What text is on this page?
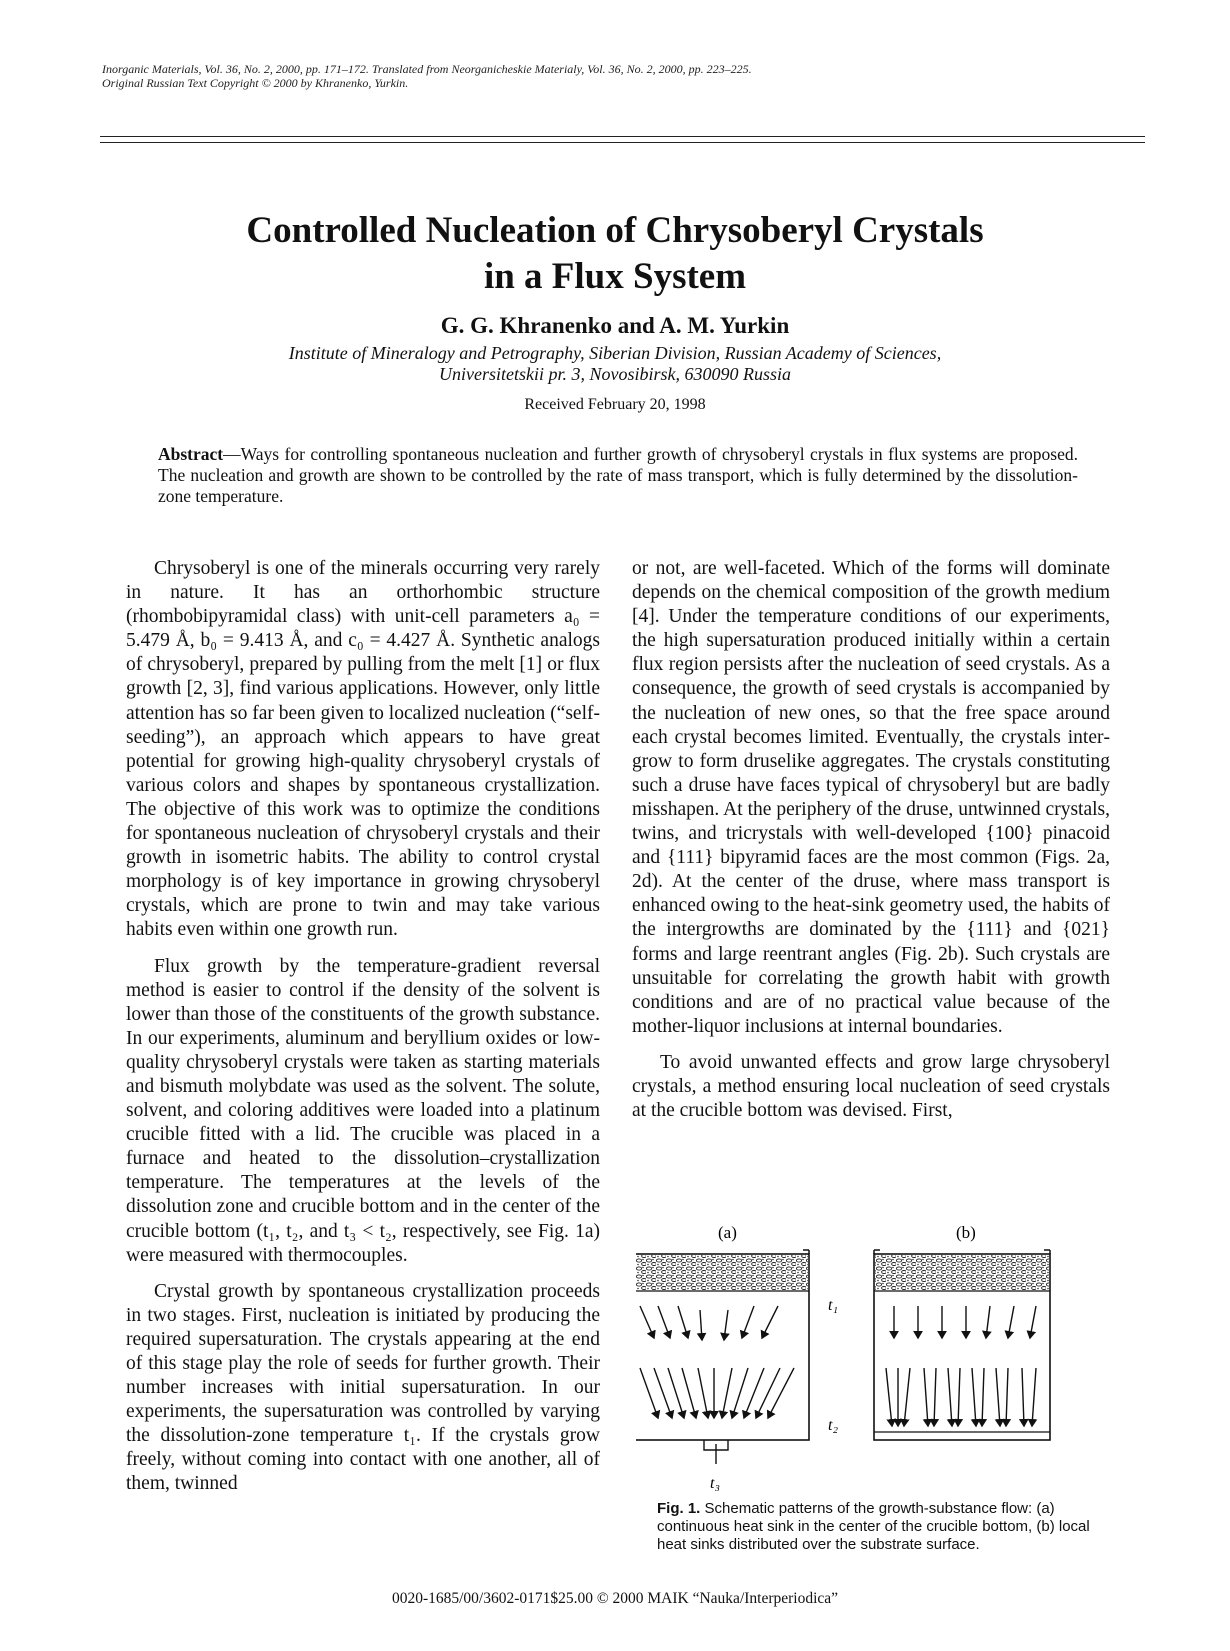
Inorganic Materials, Vol. 36, No. 2, 2000, pp. 171–172. Translated from Neorganicheskie Materialy, Vol. 36, No. 2, 2000, pp. 223–225.
Original Russian Text Copyright © 2000 by Khranenko, Yurkin.
Controlled Nucleation of Chrysoberyl Crystals
in a Flux System
G. G. Khranenko and A. M. Yurkin
Institute of Mineralogy and Petrography, Siberian Division, Russian Academy of Sciences,
Universitetskii pr. 3, Novosibirsk, 630090 Russia
Received February 20, 1998
Abstract—Ways for controlling spontaneous nucleation and further growth of chrysoberyl crystals in flux systems are proposed. The nucleation and growth are shown to be controlled by the rate of mass transport, which is fully determined by the dissolution-zone temperature.

Chrysoberyl is one of the minerals occurring very rarely in nature. It has an orthorhombic structure (rhombobipyramidal class) with unit-cell parameters a₀ = 5.479 Å, b₀ = 9.413 Å, and c₀ = 4.427 Å. Synthetic analogs of chrysoberyl, prepared by pulling from the melt [1] or flux growth [2, 3], find various applications. However, only little attention has so far been given to localized nucleation (“self-seeding”), an approach which appears to have great potential for growing high-quality chrysoberyl crystals of various colors and shapes by spontaneous crystallization. The objective of this work was to optimize the conditions for spontaneous nucleation of chrysoberyl crystals and their growth in isometric habits. The ability to control crystal morphology is of key importance in growing chrysoberyl crystals, which are prone to twin and may take various habits even within one growth run.

Flux growth by the temperature-gradient reversal method is easier to control if the density of the solvent is lower than those of the constituents of the growth substance. In our experiments, aluminum and beryllium oxides or low-quality chrysoberyl crystals were taken as starting materials and bismuth molybdate was used as the solvent. The solute, solvent, and coloring additives were loaded into a platinum crucible fitted with a lid. The crucible was placed in a furnace and heated to the dissolution–crystallization temperature. The temperatures at the levels of the dissolution zone and crucible bottom and in the center of the crucible bottom (t₁, t₂, and t₃ < t₂, respectively, see Fig. 1a) were measured with thermocouples.

Crystal growth by spontaneous crystallization proceeds in two stages. First, nucleation is initiated by producing the required supersaturation. The crystals appearing at the end of this stage play the role of seeds for further growth. Their number increases with initial supersaturation. In our experiments, the supersaturation was controlled by varying the dissolution-zone temperature t₁. If the crystals grow freely, without coming into contact with one another, all of them, twinned

or not, are well-faceted. Which of the forms will dominate depends on the chemical composition of the growth medium [4]. Under the temperature conditions of our experiments, the high supersaturation produced initially within a certain flux region persists after the nucleation of seed crystals. As a consequence, the growth of seed crystals is accompanied by the nucleation of new ones, so that the free space around each crystal becomes limited. Eventually, the crystals intergrow to form druselike aggregates. The crystals constituting such a druse have faces typical of chrysoberyl but are badly misshapen. At the periphery of the druse, untwinned crystals, twins, and tricrystals with well-developed {100} pinacoid and {111} bipyramid faces are the most common (Figs. 2a, 2d). At the center of the druse, where mass transport is enhanced owing to the heat-sink geometry used, the habits of the intergrowths are dominated by the {111} and {021} forms and large reentrant angles (Fig. 2b). Such crystals are unsuitable for correlating the growth habit with growth conditions and are of no practical value because of the mother-liquor inclusions at internal boundaries.

To avoid unwanted effects and grow large chrysoberyl crystals, a method ensuring local nucleation of seed crystals at the crucible bottom was devised. First,

(a)
t₃
t₁
t₂
(b)
Fig. 1. Schematic patterns of the growth-substance flow: (a) continuous heat sink in the center of the crucible bottom, (b) local heat sinks distributed over the substrate surface.
0020-1685/00/3602-0171$25.00 © 2000 MAIK “Nauka/Interperiodica”
